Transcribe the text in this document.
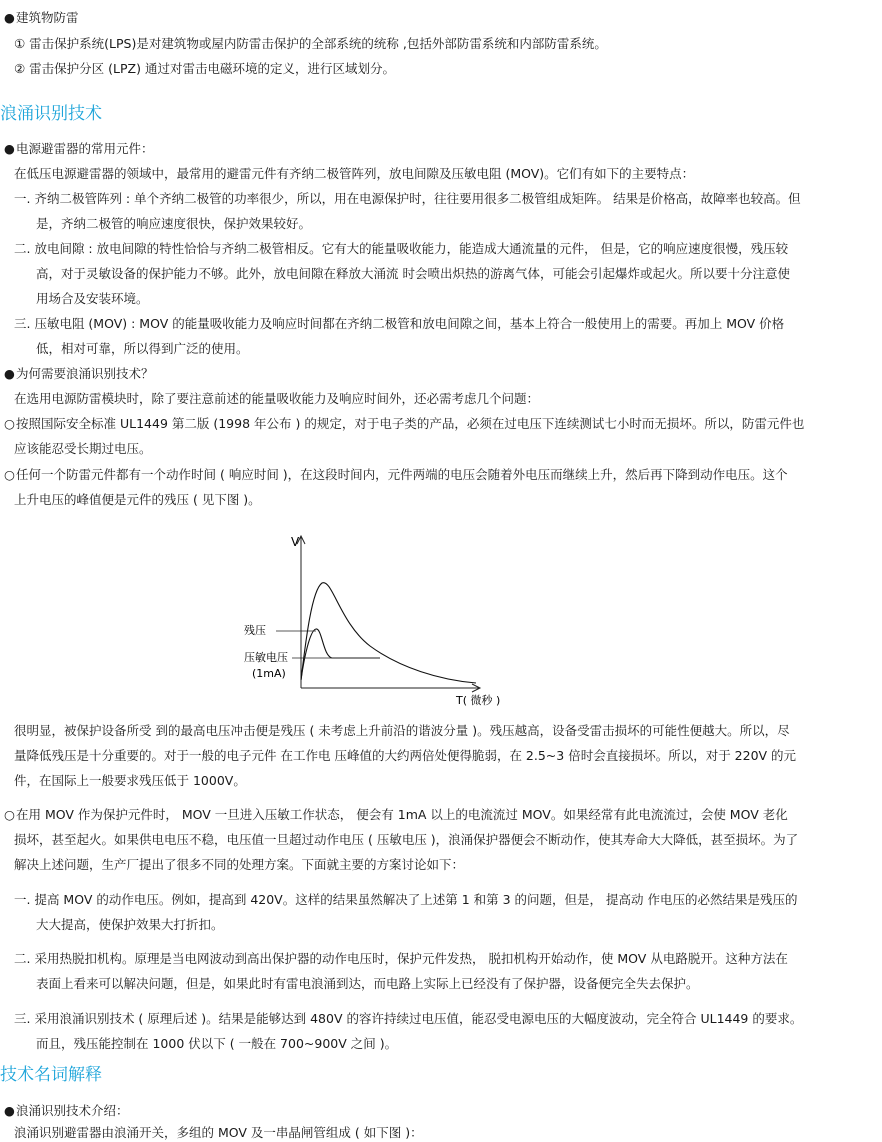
●建筑物防雷
① 雷击保护系统(LPS)是对建筑物或屋内防雷击保护的全部系统的统称 ,包括外部防雷系统和内部防雷系统。
② 雷击保护分区 (LPZ) 通过对雷击电磁环境的定义，进行区域划分。
浪涌识别技术
●电源避雷器的常用元件：
在低压电源避雷器的领域中，最常用的避雷元件有齐纳二极管阵列，放电间隙及压敏电阻 (MOV)。它们有如下的主要特点：
一. 齐纳二极管阵列 : 单个齐纳二极管的功率很少，所以，用在电源保护时，往往要用很多二极管组成矩阵。 结果是价格高，故障率也较高。但
是，齐纳二极管的响应速度很快，保护效果较好。
二. 放电间隙 : 放电间隙的特性恰恰与齐纳二极管相反。它有大的能量吸收能力，能造成大通流量的元件， 但是，它的响应速度很慢，残压较
高，对于灵敏设备的保护能力不够。此外，放电间隙在释放大涌流 时会喷出炽热的游离气体，可能会引起爆炸或起火。所以要十分注意使
用场合及安装环境。
三. 压敏电阻 (MOV) : MOV 的能量吸收能力及响应时间都在齐纳二极管和放电间隙之间，基本上符合一般使用上的需要。再加上 MOV 价格
低，相对可靠，所以得到广泛的使用。
●为何需要浪涌识别技术？
在选用电源防雷模块时，除了要注意前述的能量吸收能力及响应时间外，还必需考虑几个问题：
○按照国际安全标准 UL1449 第二版 (1998 年公布 ) 的规定，对于电子类的产品，必须在过电压下连续测试七小时而无损坏。所以，防雷元件也
应该能忍受长期过电压。
○任何一个防雷元件都有一个动作时间 ( 响应时间 )，在这段时间内，元件两端的电压会随着外电压而继续上升，然后再下降到动作电压。这个
上升电压的峰值便是元件的残压 ( 见下图 )。
V
T( 微秒 )
残压
压敏电压
(1mA)
很明显，被保护设备所受 到的最高电压冲击便是残压 ( 未考虑上升前沿的谐波分量 )。残压越高，设备受雷击损坏的可能性便越大。所以，尽
量降低残压是十分重要的。对于一般的电子元件 在工作电 压峰值的大约两倍处便得脆弱，在 2.5~3 倍时会直接损坏。所以，对于 220V 的元
件，在国际上一般要求残压低于 1000V。
○在用 MOV 作为保护元件时， MOV 一旦进入压敏工作状态， 便会有 1mA 以上的电流流过 MOV。如果经常有此电流流过，会使 MOV 老化
损坏，甚至起火。如果供电电压不稳，电压值一旦超过动作电压 ( 压敏电压 )，浪涌保护器便会不断动作，使其寿命大大降低，甚至损坏。为了
解决上述问题，生产厂提出了很多不同的处理方案。下面就主要的方案讨论如下：
一. 提高 MOV 的动作电压。例如，提高到 420V。这样的结果虽然解决了上述第 1 和第 3 的问题，但是， 提高动 作电压的必然结果是残压的
大大提高，使保护效果大打折扣。
二. 采用热脱扣机构。原理是当电网波动到高出保护器的动作电压时，保护元件发热， 脱扣机构开始动作，使 MOV 从电路脱开。这种方法在
表面上看来可以解决问题，但是，如果此时有雷电浪涌到达，而电路上实际上已经没有了保护器，设备便完全失去保护。
三. 采用浪涌识别技术 ( 原理后述 )。结果是能够达到 480V 的容许持续过电压值，能忍受电源电压的大幅度波动，完全符合 UL1449 的要求。
而且，残压能控制在 1000 伏以下 ( 一般在 700~900V 之间 )。
技术名词解释
●浪涌识别技术介绍：
浪涌识别避雷器由浪涌开关，多组的 MOV 及一串晶闸管组成 ( 如下图 )：
